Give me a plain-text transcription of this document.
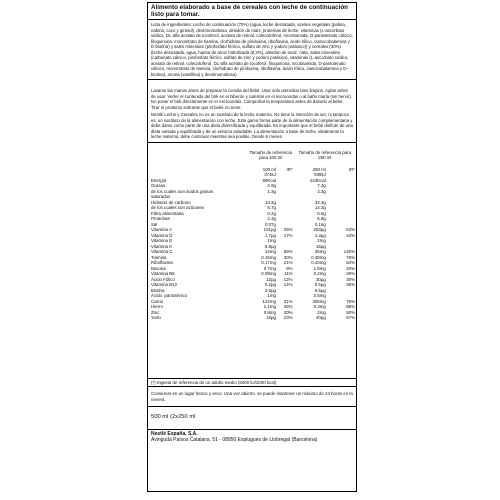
Alimento elaborado a base de cereales con leche de continuación listo para tomar.
Lista de ingredientes: Leche de continuación (70%) (agua, leche desnatada, aceites vegetales (palma, nabina, coco y girasol), dextrinomaltosa, almidón de maíz, proteínas de leche, vitaminas (L-ascorbato sódico, DL-alfa acetato de tocoferol, acetato de retinol, colecalciferol, nicotinamida, D-pantotenato cálcico, filoquinona, mononitrato de tiamina, clorhidrato de piridoxina, riboflavina, ácido fólico, cianocobalamina y D-biotina) y sales minerales (pirofosfato férrico, sulfato de zinc y yoduro potásico)) y cereales (30%) (leche desnatada, agua, harina de arroz hidrolizada (8,2%), almidón de maíz, nata, sales minerales (carbonato cálcico, pirofosfato férrico, sulfato de zinc y yoduro potásico), vitaminas (L-ascorbato sódico, acetato de retinol, colecalciferol, DL-alfa acetato de tocoferol, filoquinona, nicotinamida, D-pantotenato cálcico, mononitrato de tiamina, clorhidrato de piridoxina, riboflavina, ácido fólico, cianocobalamina y D-biotina), aroma (vainillina) y dextrinomaltosa).
Lavarse las manos antes de preparar la comida del bebé. Usar solo utensilios bien limpios. Agitar antes de usar. Verter el contenido del brik en el biberón y calentar en el microondas o al baño maría (sin hervir). No poner el brik directamente en el microondas. Comprobar la temperatura antes de darselo al bebé. Tirar el producto sobrante que el bebé no tome.
Nestlé Leche y Cereales no es un sustituto de la leche materna. No tiene la intención de ser, ni tampoco es, un sustituto de la alimentación con leche. Esta gama forma parte de la alimentación complementaria y debe darse como parte de una dieta diversificada y equilibrada. Es importante que el bebé disfrute de una dieta variada y equilibrada y de un entorno saludable. La alimentación a base de leche, idealmente la leche materna, debe continuar mientras sea posible. Desde 6 meses.
	Tamaño de referencia para 100 ml		Tamaño de referencia para 250 ml	

	100 ml	IR*	250 ml	IR*
	374kJ		939kJ	
Energía	89Kcal		223Kcal	

Grasas	2.9g		7.3g	
de los cuales son ácidos grasos	1.3g		3.3g	
saturados				
Hidratos de carbono	13.3g		33.3g	
de los cuales son azúcares	5.7g		14.3g	
Fibra alimentaria	0.2g		0.5g	
Proteínas	2.3g		5.8g	
Sal	0.07g		0.16g	
Vitamina A	101µg	25%	253µg	63%
Vitamina D	1.7µg	17%	4.3µg	43%
Vitamina E	1mg		2mg	
Vitamina K	5.8µg		15µg	
Vitamina C	14mg	56%	35mg	140%
Tiamina	0.15mg	30%	0.38mg	76%
Riboflavina	0.17mg	21%	0.43mg	54%
Niacina	0.7mg	8%	1.8mg	20%
Vitamina B6	0.08mg	11%	0.2mg	29%
Ácido Fólico	12µg	12%	30µg	30%
Vitamina B12	0.2µg	14%	0.5µg	36%
Biotina	2.6µg		6.5µg	
Ácido. pantoténico	1mg		2.5mg	
Calcio	122mg	31%	305mg	76%
Hierro	2.1mg	35%	5.3mg	88%
Zinc	0.8mg	20%	2mg	50%
Yodo	16µg	23%	40µg	57%
(*) Ingesta de referencia de un adulto medio (8400 kJ/2000 kcal)
Conservar en un lugar fresco y seco. Una vez abierto, se puede mantener un máximo de 24 horas en la nevera.
500 ml (2x250 ml
Nestlé España, S.A.
Avinguda Països Catalans, 51 - 08950 Esplugues de Llobregat (Barcelona)
